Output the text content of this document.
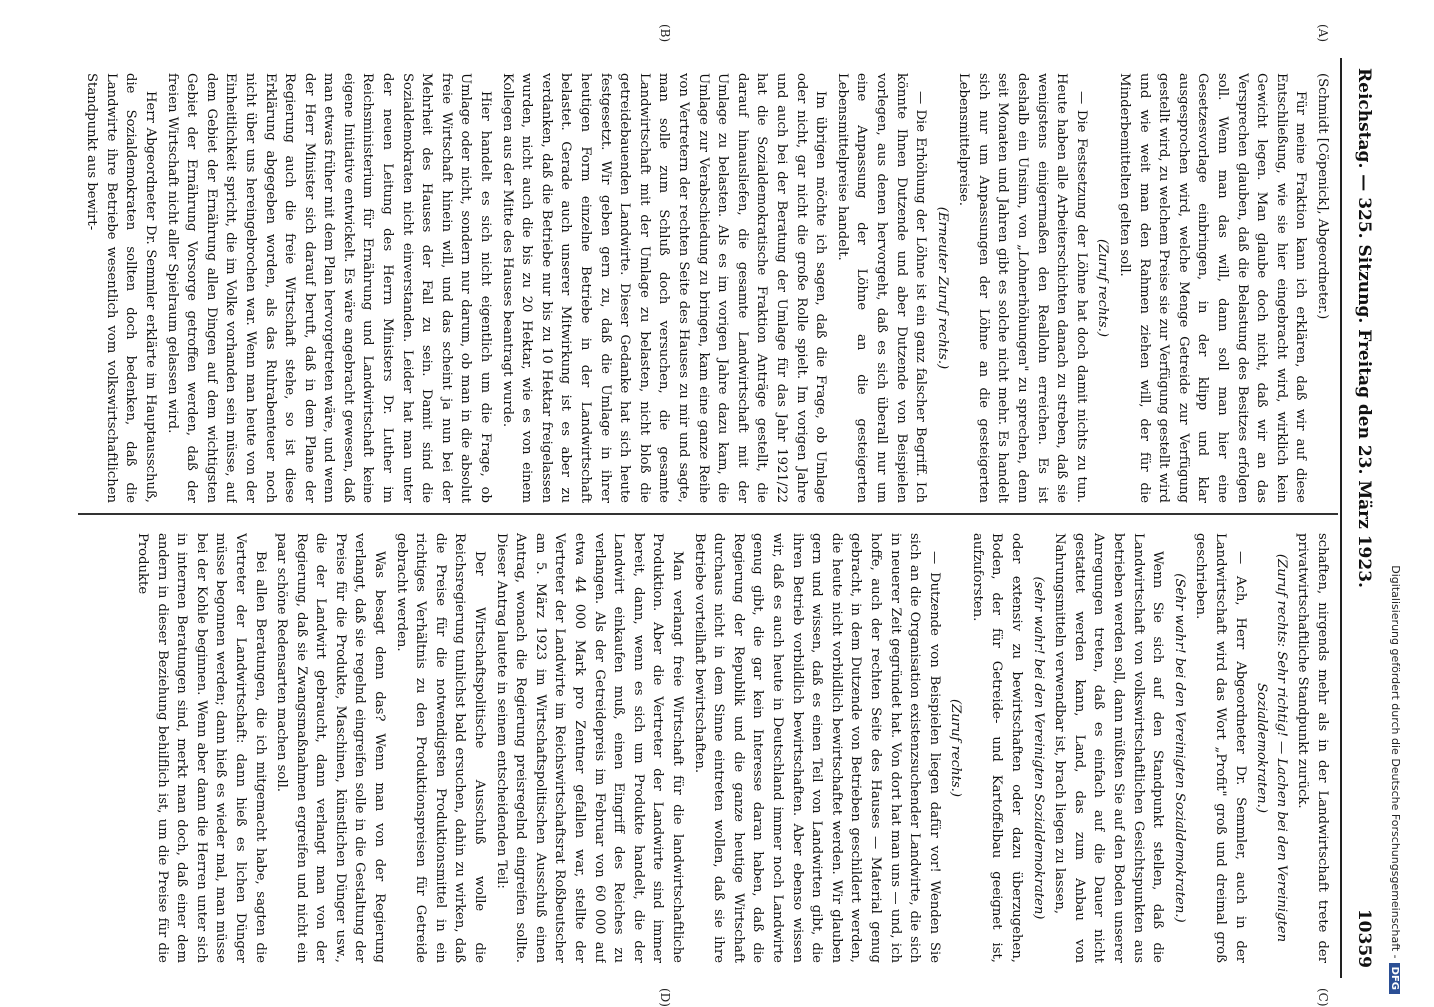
Reichstag. — 325. Sitzung. Freitag den 23. März 1923.
10359
(A)
(B)
(C)
(D)

(Schmidt [Cöpenick], Abgeordneter.)

Für meine Fraktion kann ich erklären, daß wir auf diese Entschließung, wie sie hier eingebracht wird, wirklich kein Gewicht legen. Man glaube doch nicht, daß wir an das Versprechen glauben, daß die Belastung des Besitzes erfolgen soll. Wenn man das will, dann soll man hier eine Gesetzesvorlage einbringen, in der klipp und klar ausgesprochen wird, welche Menge Getreide zur Verfügung gestellt wird, zu welchem Preise sie zur Verfügung gestellt wird und wie weit man den Rahmen ziehen will, der für die Minderbemittelten gelten soll.

(Zuruf rechts.)

— Die Festsetzung der Löhne hat doch damit nichts zu tun. Heute haben alle Arbeiterschichten danach zu streben, daß sie wenigstens einigermaßen den Reallohn erreichen. Es ist deshalb ein Unsinn, von „Lohnerhöhungen" zu sprechen, denn seit Monaten und Jahren gibt es solche nicht mehr. Es handelt sich nur um Anpassungen der Löhne an die gesteigerten Lebensmittelpreise.

(Erneuter Zuruf rechts.)

— Die Erhöhung der Löhne ist ein ganz falscher Begriff. Ich könnte Ihnen Dutzende und aber Dutzende von Beispielen vorlegen, aus denen hervorgeht, daß es sich überall nur um eine Anpassung der Löhne an die gesteigerten Lebensmittelpreise handelt.

Im übrigen möchte ich sagen, daß die Frage, ob Umlage oder nicht, gar nicht die große Rolle spielt. Im vorigen Jahre und auch bei der Beratung der Umlage für das Jahr 1921/22 hat die Sozialdemokratische Fraktion Anträge gestellt, die darauf hinausliefen, die gesamte Landwirtschaft mit der Umlage zu belasten. Als es im vorigen Jahre dazu kam, die Umlage zur Verabschiedung zu bringen, kam eine ganze Reihe von Vertretern der rechten Seite des Hauses zu mir und sagte, man solle zum Schluß doch versuchen, die gesamte Landwirtschaft mit der Umlage zu belasten, nicht bloß die getreidebauenden Landwirte. Dieser Gedanke hat sich heute festgesetzt. Wir geben gern zu, daß die Umlage in ihrer heutigen Form einzelne Betriebe in der Landwirtschaft belastet. Gerade auch unserer Mitwirkung ist es aber zu verdanken, daß die Betriebe nur bis zu 10 Hektar freigelassen wurden, nicht auch die bis zu 20 Hektar, wie es von einem Kollegen aus der Mitte des Hauses beantragt wurde.

Hier handelt es sich nicht eigentlich um die Frage, ob Umlage oder nicht, sondern nur darum, ob man in die absolut freie Wirtschaft hinein will, und das scheint ja nun bei der Mehrheit des Hauses der Fall zu sein. Damit sind die Sozialdemokraten nicht einverstanden. Leider hat man unter der neuen Leitung des Herrn Ministers Dr. Luther im Reichsministerium für Ernährung und Landwirtschaft keine eigene Initiative entwickelt. Es wäre angebracht gewesen, daß man etwas früher mit dem Plan hervorgetreten wäre, und wenn der Herr Minister sich darauf beruft, daß in dem Plane der Regierung auch die freie Wirtschaft stehe, so ist diese Erklärung abgegeben worden, als das Ruhrabenteuer noch nicht über uns hereingebrochen war. Wenn man heute von der Einheitlichkeit spricht, die im Volke vorhanden sein müsse, auf dem Gebiet der Ernährung allen Dingen auf dem wichtigsten Gebiet der Ernährung Vorsorge getroffen werden, daß der freien Wirtschaft nicht aller Spielraum gelassen wird.

Herr Abgeordneter Dr. Semmler erklärte im Hauptausschuß, die Sozialdemokraten sollten doch bedenken, daß die Landwirte ihre Betriebe wesentlich vom volkswirtschaftlichen Standpunkt aus bewirt-

schaften, nirgends mehr als in der Landwirtschaft trete der privatwirtschaftliche Standpunkt zurück.

(Zuruf rechts: Sehr richtig! — Lachen bei den Vereinigten Sozialdemokraten.)

— Ach, Herr Abgeordneter Dr. Semmler, auch in der Landwirtschaft wird das Wort „Profit" groß und dreimal groß geschrieben.

(Sehr wahr! bei den Vereinigten Sozialdemokraten.)

Wenn Sie sich auf den Standpunkt stellen, daß die Landwirtschaft von volkswirtschaftlichen Gesichtspunkten aus betrieben werden soll, dann müßten Sie auf den Boden unserer Anregungen treten, daß es einfach auf die Dauer nicht gestattet werden kann, Land, das zum Anbau von Nahrungsmitteln verwendbar ist, brach liegen zu lassen,

(sehr wahr! bei den Vereinigten Sozialdemokraten)

oder extensiv zu bewirtschaften oder dazu überzugehen, Boden, der für Getreide- und Kartoffelbau geeignet ist, aufzuforsten.

(Zuruf rechts.)

— Dutzende von Beispielen liegen dafür vor! Wenden Sie sich an die Organisation existenzsuchender Landwirte, die sich in neuerer Zeit gegründet hat. Von dort hat man uns — und, ich hoffe, auch der rechten Seite des Hauses — Material genug gebracht, in dem Dutzende von Betrieben geschildert werden, die heute nicht vorbildlich bewirtschaftet werden. Wir glauben gern und wissen, daß es einen Teil von Landwirten gibt, die ihren Betrieb vorbildlich bewirtschaften. Aber ebenso wissen wir, daß es auch heute in Deutschland immer noch Landwirte genug gibt, die gar kein Interesse daran haben, daß die Regierung der Republik und die ganze heutige Wirtschaft durchaus nicht in dem Sinne eintreten wollen, daß sie ihre Betriebe vorteilhaft bewirtschaften.

Man verlangt freie Wirtschaft für die landwirtschaftliche Produktion. Aber die Vertreter der Landwirte sind immer bereit, dann, wenn es sich um Produkte handelt, die der Landwirt einkaufen muß, einen Eingriff des Reiches zu verlangen. Als der Getreidepreis im Februar von 60 000 auf etwa 44 000 Mark pro Zentner gefallen war, stellte der Vertreter der Landwirte im Reichswirtschaftsrat Roßbeutscher am 5. März 1923 im Wirtschaftspolitischen Ausschuß einen Antrag, wonach die Regierung preisregelnd eingreifen sollte. Dieser Antrag lautete in seinem entscheidenden Teil:

Der Wirtschaftspolitische Ausschuß wolle die Reichsregierung tunlichst bald ersuchen, dahin zu wirken, daß die Preise für die notwendigsten Produktionsmittel in ein richtiges Verhältnis zu den Produktionspreisen für Getreide gebracht werden.

Was besagt denn das? Wenn man von der Regierung verlangt, daß sie regelnd eingreifen solle in die Gestaltung der Preise für die Produkte, Maschinen, künstlichen Dünger usw., die der Landwirt gebraucht, dann verlangt man von der Regierung, daß sie Zwangsmaßnahmen ergreifen und nicht ein paar schöne Redensarten machen soll.

Bei allen Beratungen, die ich mitgemacht habe, sagten die Vertreter der Landwirtschaft: dann hieß es lichen Dünger müsse begonnen werden; dann hieß es wieder mal, man müsse bei der Kohle beginnen. Wenn aber dann die Herren unter sich in internen Beratungen sind, merkt man doch, daß einer dem andern in dieser Beziehung behilflich ist, um die Preise für die Produkte

Digitalisierung gefördert durch die Deutsche Forschungsgemeinschaft -DFG
